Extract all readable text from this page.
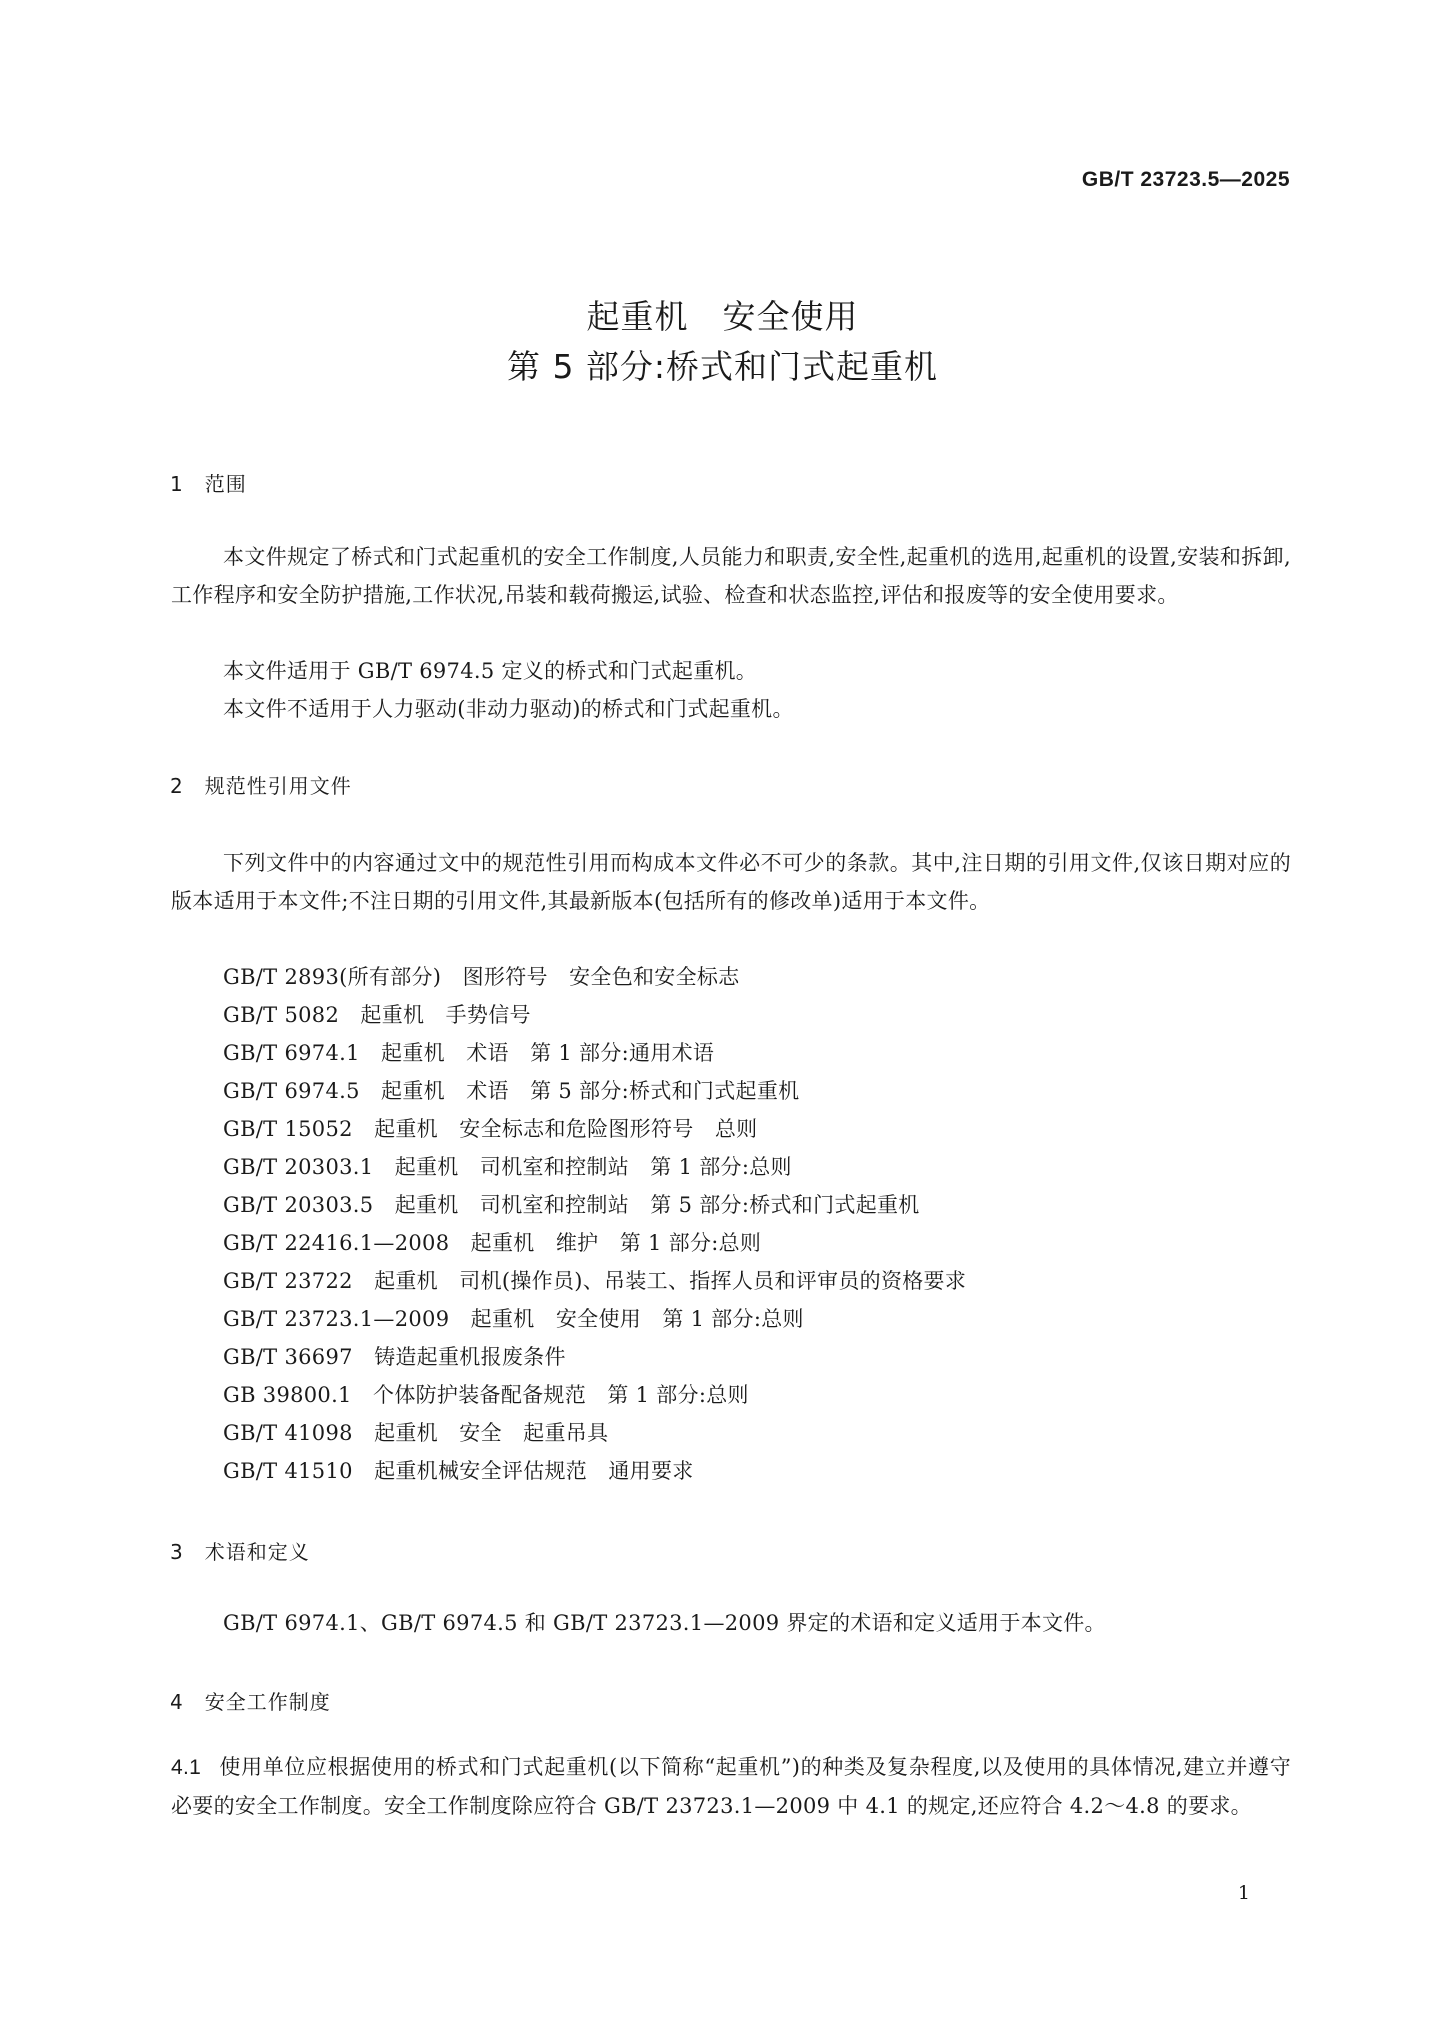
GB/T 23723.5—2025
起重机　安全使用
第 5 部分:桥式和门式起重机
1　范围
本文件规定了桥式和门式起重机的安全工作制度,人员能力和职责,安全性,起重机的选用,起重机的设置,安装和拆卸,工作程序和安全防护措施,工作状况,吊装和载荷搬运,试验、检查和状态监控,评估和报废等的安全使用要求。
本文件适用于 GB/T 6974.5 定义的桥式和门式起重机。
本文件不适用于人力驱动(非动力驱动)的桥式和门式起重机。
2　规范性引用文件
下列文件中的内容通过文中的规范性引用而构成本文件必不可少的条款。其中,注日期的引用文件,仅该日期对应的版本适用于本文件;不注日期的引用文件,其最新版本(包括所有的修改单)适用于本文件。
GB/T 2893(所有部分)　图形符号　安全色和安全标志
GB/T 5082　起重机　手势信号
GB/T 6974.1　起重机　术语　第 1 部分:通用术语
GB/T 6974.5　起重机　术语　第 5 部分:桥式和门式起重机
GB/T 15052　起重机　安全标志和危险图形符号　总则
GB/T 20303.1　起重机　司机室和控制站　第 1 部分:总则
GB/T 20303.5　起重机　司机室和控制站　第 5 部分:桥式和门式起重机
GB/T 22416.1—2008　起重机　维护　第 1 部分:总则
GB/T 23722　起重机　司机(操作员)、吊装工、指挥人员和评审员的资格要求
GB/T 23723.1—2009　起重机　安全使用　第 1 部分:总则
GB/T 36697　铸造起重机报废条件
GB 39800.1　个体防护装备配备规范　第 1 部分:总则
GB/T 41098　起重机　安全　起重吊具
GB/T 41510　起重机械安全评估规范　通用要求
3　术语和定义
GB/T 6974.1、GB/T 6974.5 和 GB/T 23723.1—2009 界定的术语和定义适用于本文件。
4　安全工作制度
4.1 使用单位应根据使用的桥式和门式起重机(以下简称“起重机”)的种类及复杂程度,以及使用的具体情况,建立并遵守必要的安全工作制度。安全工作制度除应符合 GB/T 23723.1—2009 中 4.1 的规定,还应符合 4.2～4.8 的要求。
1
